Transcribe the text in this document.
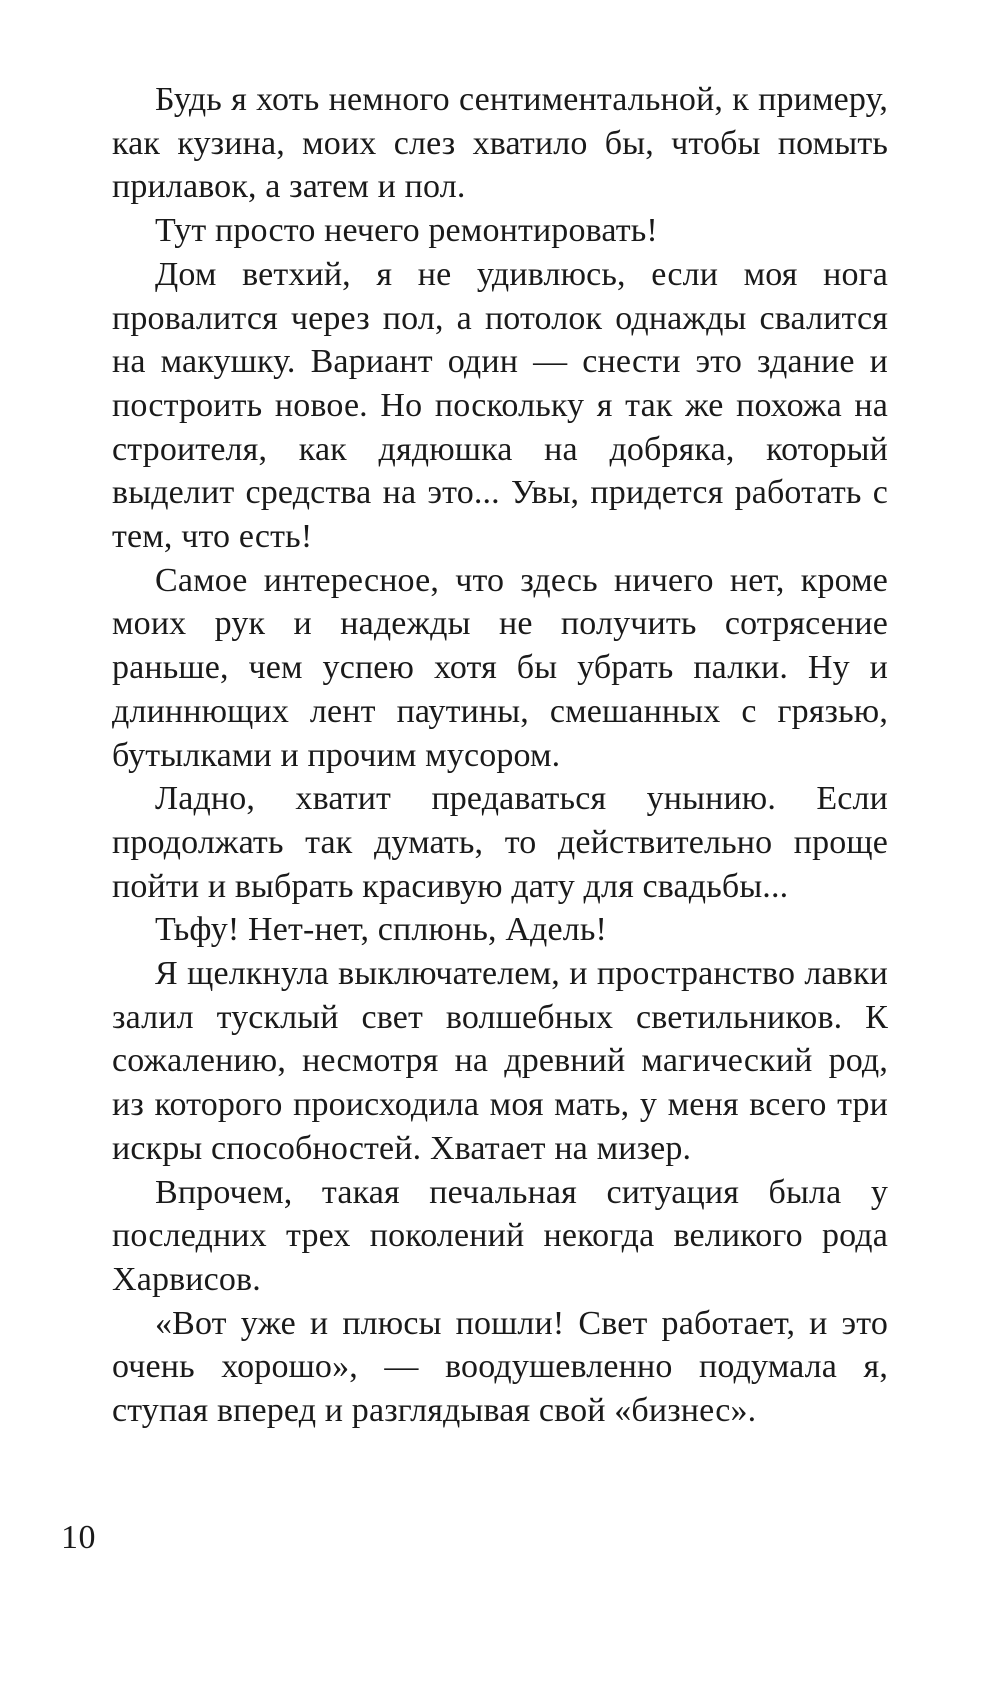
Будь я хоть немного сентиментальной, к примеру, как кузина, моих слез хватило бы, чтобы помыть прилавок, а затем и пол.

Тут просто нечего ремонтировать!

Дом ветхий, я не удивлюсь, если моя нога провалится через пол, а потолок однажды свалится на макушку. Вариант один — снести это здание и построить новое. Но поскольку я так же похожа на строителя, как дядюшка на добряка, который выделит средства на это... Увы, придется работать с тем, что есть!

Самое интересное, что здесь ничего нет, кроме моих рук и надежды не получить сотрясение раньше, чем успею хотя бы убрать палки. Ну и длиннющих лент паутины, смешанных с грязью, бутылками и прочим мусором.

Ладно, хватит предаваться унынию. Если продолжать так думать, то действительно проще пойти и выбрать красивую дату для свадьбы...

Тьфу! Нет-нет, сплюнь, Адель!

Я щелкнула выключателем, и пространство лавки залил тусклый свет волшебных светильников. К сожалению, несмотря на древний магический род, из которого происходила моя мать, у меня всего три искры способностей. Хватает на мизер.

Впрочем, такая печальная ситуация была у последних трех поколений некогда великого рода Харвисов.

«Вот уже и плюсы пошли! Свет работает, и это очень хорошо», — воодушевленно подумала я, ступая вперед и разглядывая свой «бизнес».

10
